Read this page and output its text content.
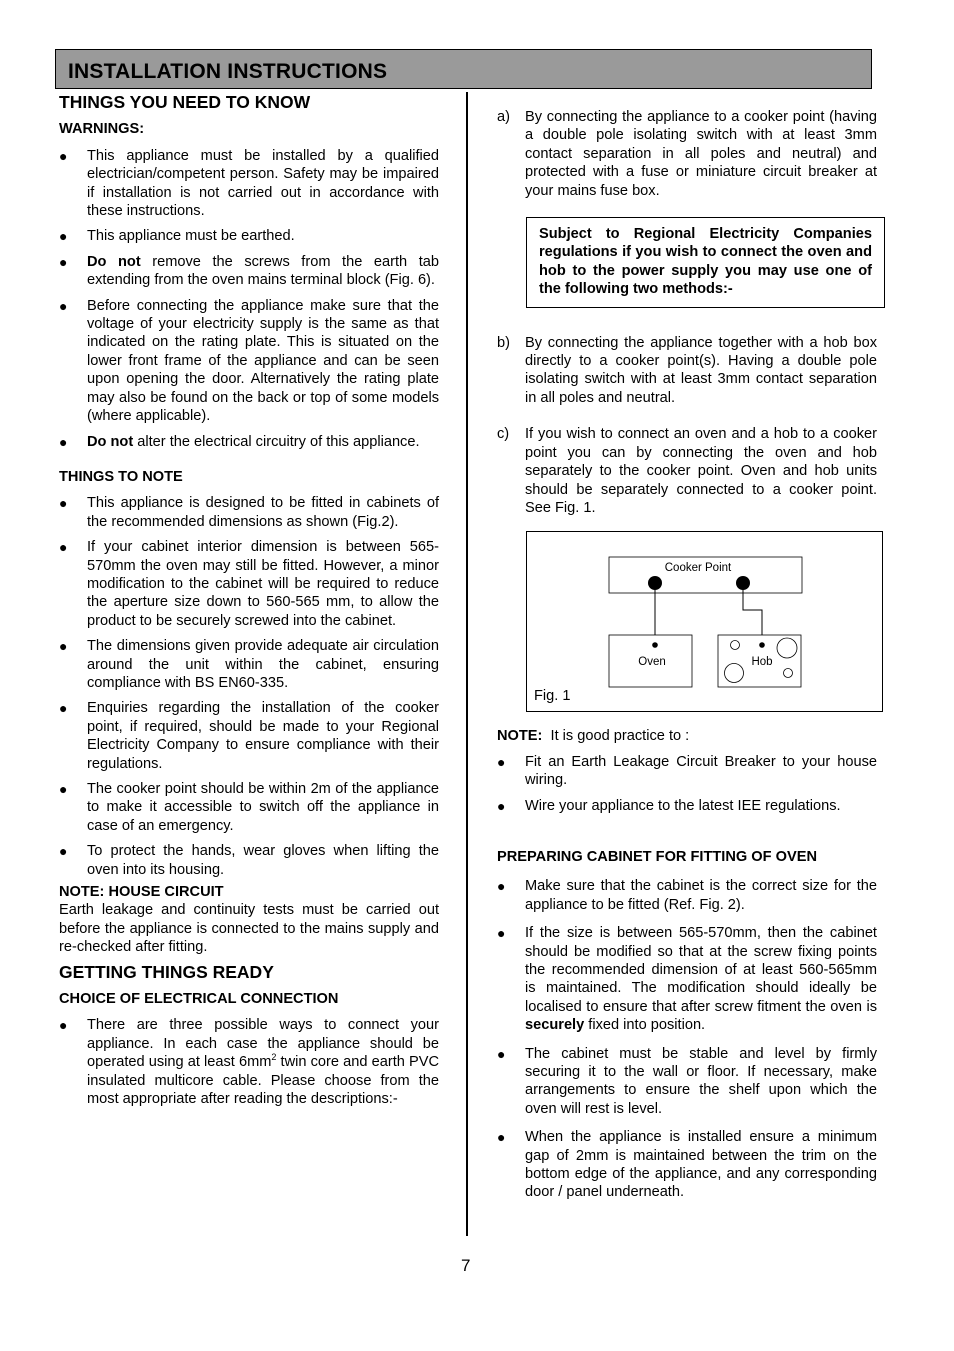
INSTALLATION INSTRUCTIONS
THINGS YOU NEED TO KNOW
WARNINGS:
● This appliance must be installed by a qualified electrician/competent person. Safety may be impaired if installation is not carried out in accordance with these instructions.
● This appliance must be earthed.
● Do not remove the screws from the earth tab extending from the oven mains terminal block (Fig. 6).
● Before connecting the appliance make sure that the voltage of your electricity supply is the same as that indicated on the rating plate. This is situated on the lower front frame of the appliance and can be seen upon opening the door. Alternatively the rating plate may also be found on the back or top of some models (where applicable).
● Do not alter the electrical circuitry of this appliance.
THINGS TO NOTE
● This appliance is designed to be fitted in cabinets of the recommended dimensions as shown (Fig.2).
● If your cabinet interior dimension is between 565-570mm the oven may still be fitted. However, a minor modification to the cabinet will be required to reduce the aperture size down to 560-565 mm, to allow the product to be securely screwed into the cabinet.
● The dimensions given provide adequate air circulation around the unit within the cabinet, ensuring compliance with BS EN60-335.
● Enquiries regarding the installation of the cooker point, if required, should be made to your Regional Electricity Company to ensure compliance with their regulations.
● The cooker point should be within 2m of the appliance to make it accessible to switch off the appliance in case of an emergency.
● To protect the hands, wear gloves when lifting the oven into its housing.
NOTE: HOUSE CIRCUIT
Earth leakage and continuity tests must be carried out before the appliance is connected to the mains supply and re-checked after fitting.
GETTING THINGS READY
CHOICE OF ELECTRICAL CONNECTION
● There are three possible ways to connect your appliance. In each case the appliance should be operated using at least $6mm^2$ twin core and earth PVC insulated multicore cable. Please choose from the most appropriate after reading the descriptions:-
a) By connecting the appliance to a cooker point (having a double pole isolating switch with at least 3mm contact separation in all poles and neutral) and protected with a fuse or miniature circuit breaker at your mains fuse box.
Subject to Regional Electricity Companies regulations if you wish to connect the oven and hob to the power supply you may use one of the following two methods:-
b) By connecting the appliance together with a hob box directly to a cooker point(s). Having a double pole isolating switch with at least 3mm contact separation in all poles and neutral.
c) If you wish to connect an oven and a hob to a cooker point you can by connecting the oven and hob separately to the cooker point. Oven and hob units should be separately connected to a cooker point. See Fig. 1.
Cooker Point
Oven	Hob
Fig. 1
NOTE:  It is good practice to :
● Fit an Earth Leakage Circuit Breaker to your house wiring.
● Wire your appliance to the latest IEE regulations.
PREPARING CABINET FOR FITTING OF OVEN
● Make sure that the cabinet is the correct size for the appliance to be fitted (Ref. Fig. 2).
● If the size is between 565-570mm, then the cabinet should be modified so that at the screw fixing points the recommended dimension of at least 560-565mm is maintained. The modification should ideally be localised to ensure that after screw fitment the oven is securely fixed into position.
● The cabinet must be stable and level by firmly securing it to the wall or floor. If necessary, make arrangements to ensure the shelf upon which the oven will rest is level.
● When the appliance is installed ensure a minimum gap of 2mm is maintained between the trim on the bottom edge of the appliance, and any corresponding door / panel underneath.
7
